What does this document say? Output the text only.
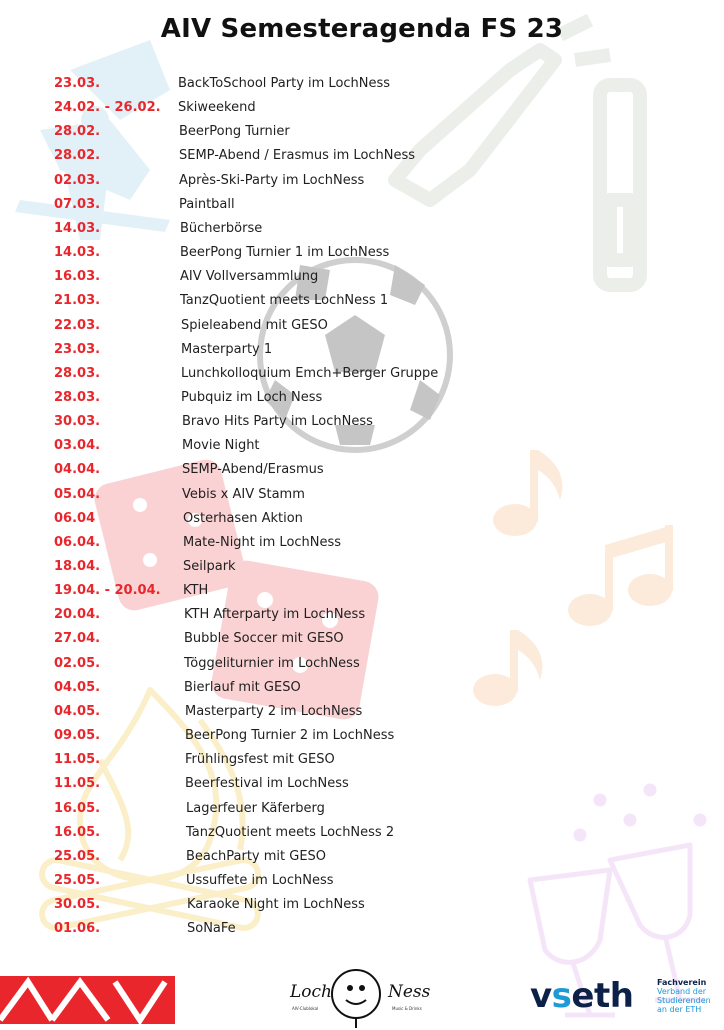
AIV Semesteragenda FS 23
23.03.	BackToSchool Party im LochNess
24.02. - 26.02. Skiweekend
28.02.	BeerPong Turnier
28.02.	SEMP-Abend / Erasmus im LochNess
02.03.	Après-Ski-Party im LochNess
07.03.	Paintball
14.03.	Bücherbörse
14.03.	BeerPong Turnier 1 im LochNess
16.03.	AIV Vollversammlung
21.03.	TanzQuotient meets LochNess 1
22.03.	Spieleabend mit GESO
23.03.	Masterparty 1
28.03.	Lunchkolloquium Emch+Berger Gruppe
28.03.	Pubquiz im Loch Ness
30.03.	Bravo Hits Party im LochNess
03.04.	Movie Night
04.04.	SEMP-Abend/Erasmus
05.04.	Vebis x AIV Stamm
06.04	Osterhasen Aktion
06.04.	Mate-Night im LochNess
18.04.	Seilpark
19.04. - 20.04. KTH
20.04.	KTH Afterparty im LochNess
27.04.	Bubble Soccer mit GESO
02.05.	Töggeliturnier im LochNess
04.05.	Bierlauf mit GESO
04.05.	Masterparty 2 im LochNess
09.05.	BeerPong Turnier 2 im LochNess
11.05.	Frühlingsfest mit GESO
11.05.	Beerfestival im LochNess
16.05.	Lagerfeuer Käferberg
16.05.	TanzQuotient meets LochNess 2
25.05.	BeachParty mit GESO
25.05.	Ussuffete im LochNess
30.05.	Karaoke Night im LochNess
01.06.	SoNaFe
Loch	Ness
AIV-Clublokal	Music & Drinks	vseth	Fachverein
Verband der Studierenden an der ETH
